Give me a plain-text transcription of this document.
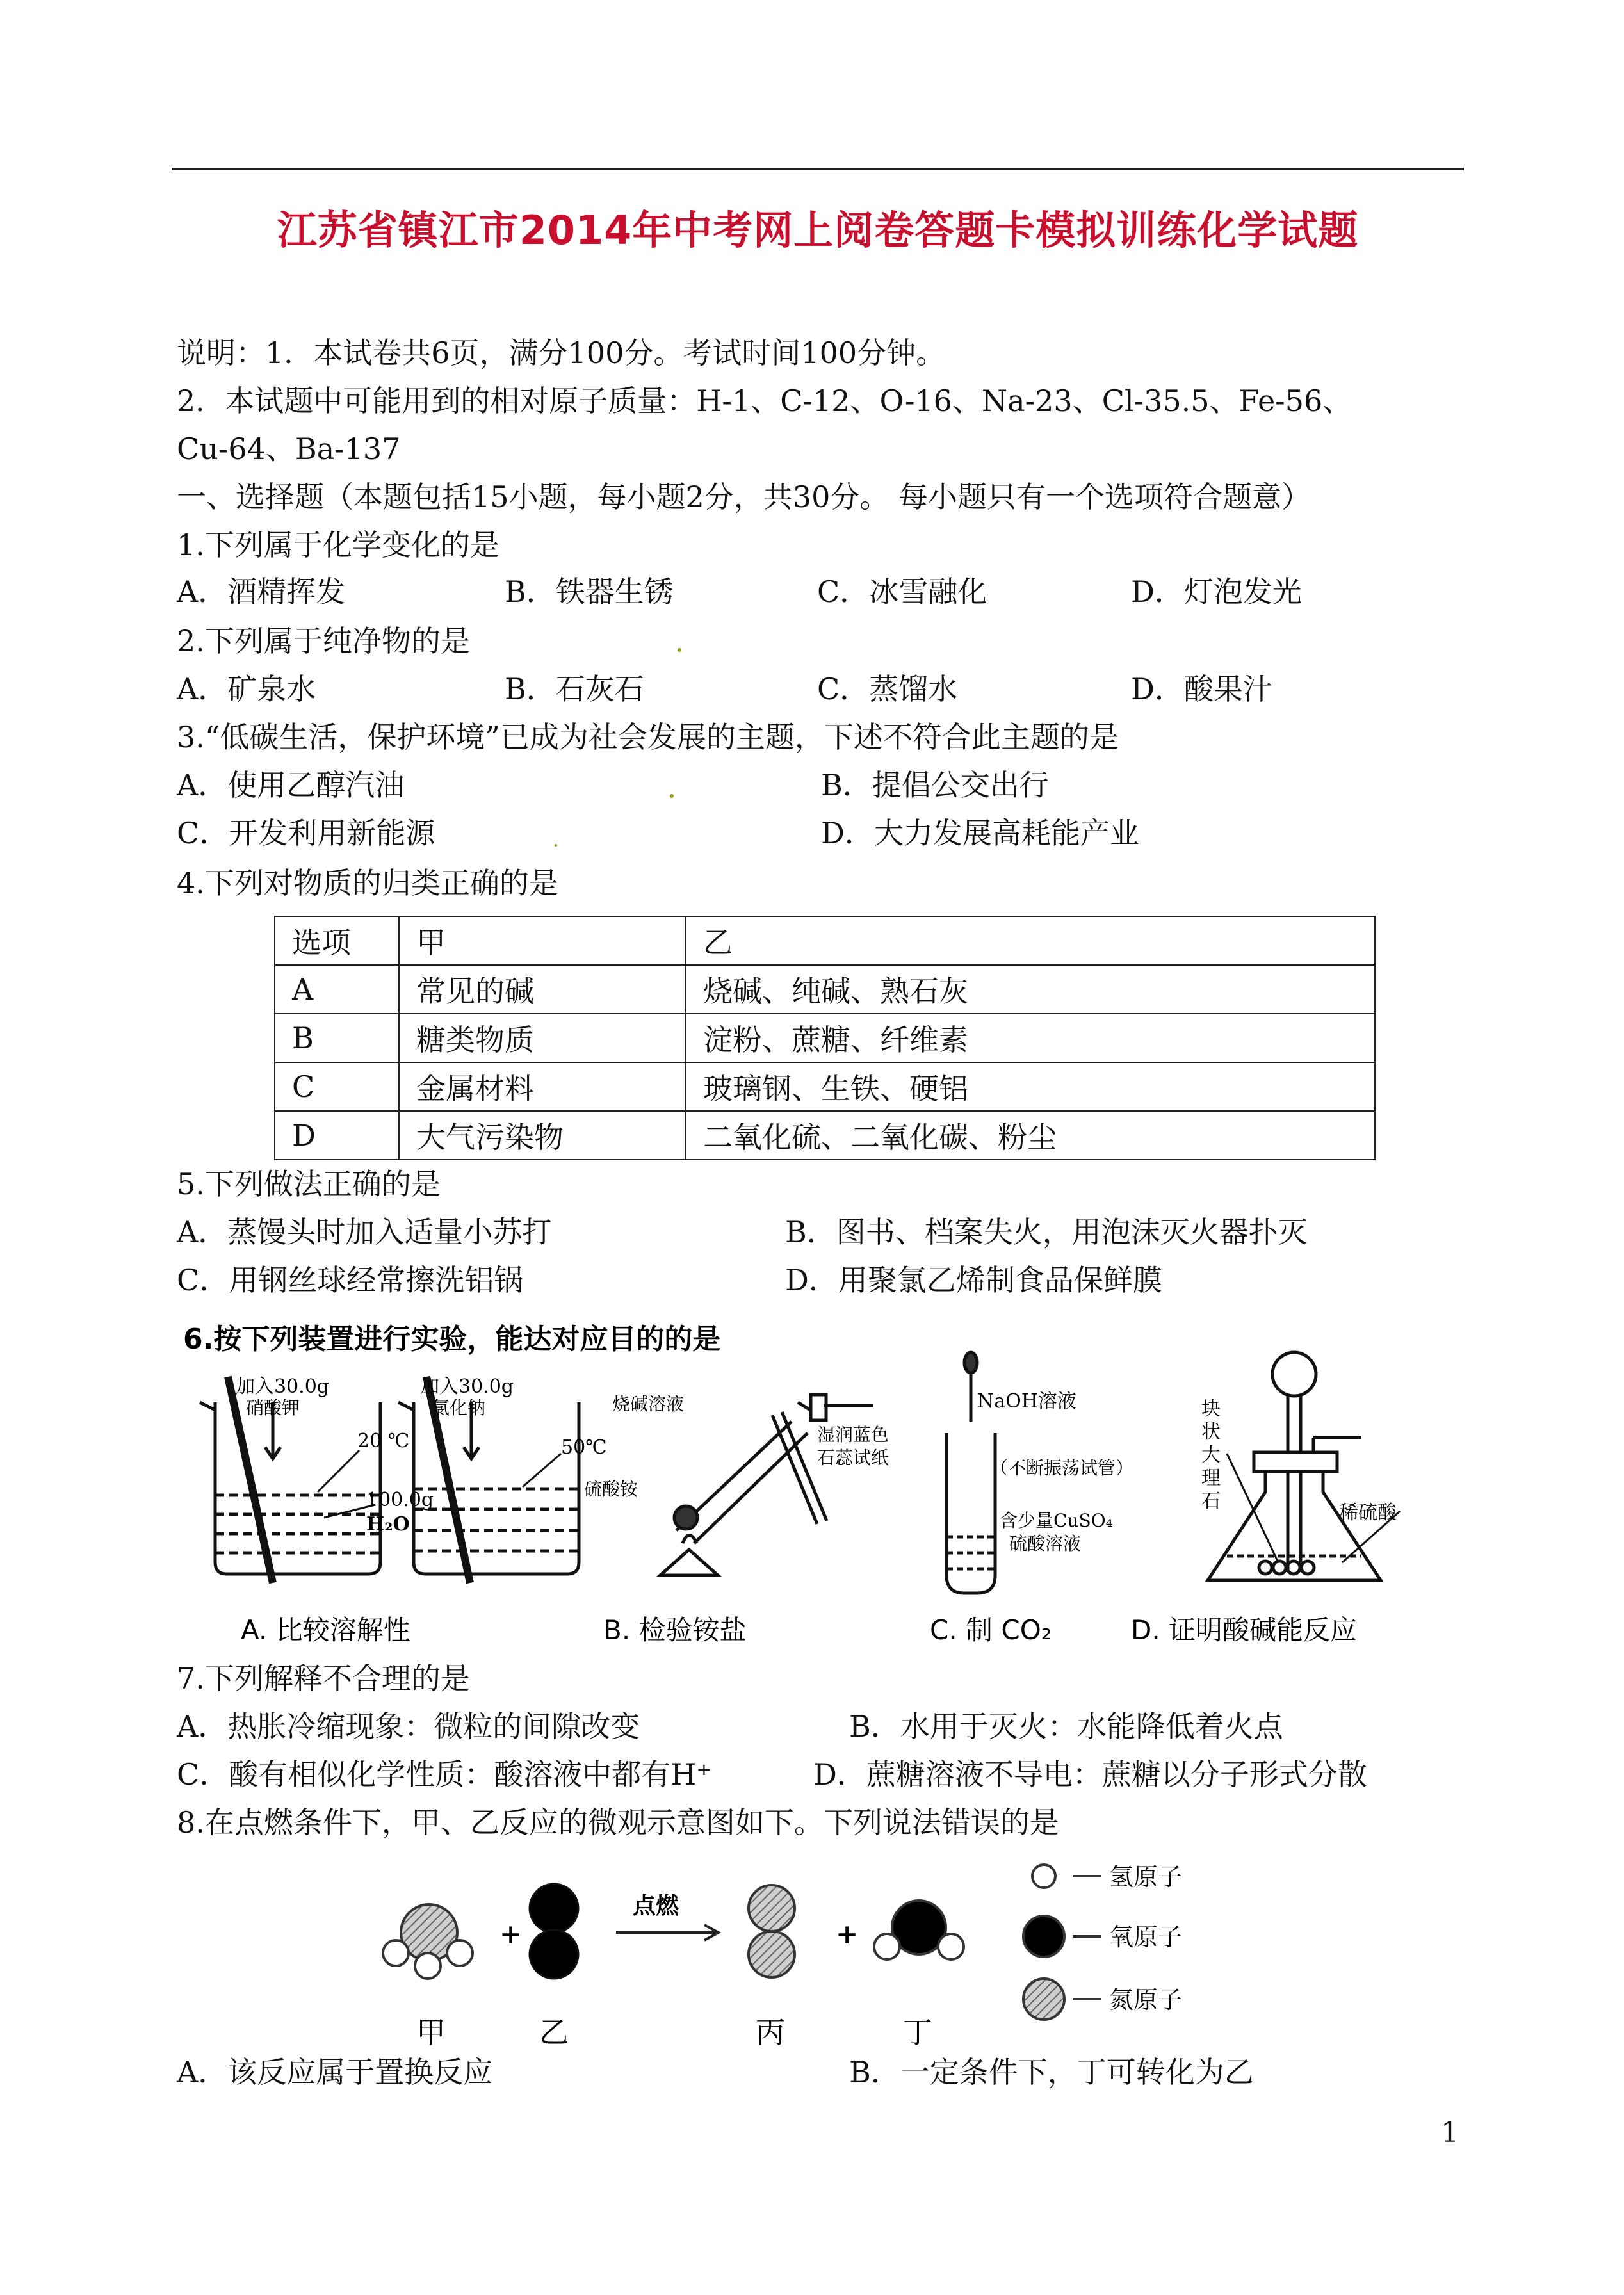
江苏省镇江市2014年中考网上阅卷答题卡模拟训练化学试题
说明：1．本试卷共6页，满分100分。考试时间100分钟。
2．本试题中可能用到的相对原子质量：H-1、C-12、O-16、Na-23、Cl-35.5、Fe-56、
Cu-64、Ba-137
一、选择题（本题包括15小题，每小题2分，共30分。 每小题只有一个选项符合题意）
1.下列属于化学变化的是
A．酒精挥发	B．铁器生锈	C．冰雪融化	D．灯泡发光
2.下列属于纯净物的是
A．矿泉水	B．石灰石	C．蒸馏水	D．酸果汁
3.“低碳生活，保护环境”已成为社会发展的主题，下述不符合此主题的是
A．使用乙醇汽油	B．提倡公交出行
C．开发利用新能源	D．大力发展高耗能产业
4.下列对物质的归类正确的是
选项	甲	乙
A	常见的碱	烧碱、纯碱、熟石灰
B	糖类物质	淀粉、蔗糖、纤维素
C	金属材料	玻璃钢、生铁、硬铝
D	大气污染物	二氧化硫、二氧化碳、粉尘
5.下列做法正确的是
A．蒸馒头时加入适量小苏打	B．图书、档案失火，用泡沫灭火器扑灭
C．用钢丝球经常擦洗铝锅	D．用聚氯乙烯制食品保鲜膜
6.按下列装置进行实验，能达对应目的的是
加入30.0g
硝酸钾
20 ℃
100.0g
H₂O
加入30.0g
氯化钠
50℃
烧碱溶液
硫酸铵
湿润蓝色
石蕊试纸
NaOH溶液
（不断振荡试管）
含少量CuSO₄
硫酸溶液
块
状
大
理
石
稀硫酸
A. 比较溶解性	B. 检验铵盐	C. 制 CO₂	D. 证明酸碱能反应
7.下列解释不合理的是
A．热胀冷缩现象：微粒的间隙改变	B．水用于灭火：水能降低着火点
C．酸有相似化学性质：酸溶液中都有H⁺	D．蔗糖溶液不导电：蔗糖以分子形式分散
8.在点燃条件下，甲、乙反应的微观示意图如下。下列说法错误的是
+
点燃
+
甲	乙	丙	丁
氢原子
氧原子
氮原子
A．该反应属于置换反应	B．一定条件下，丁可转化为乙
1
